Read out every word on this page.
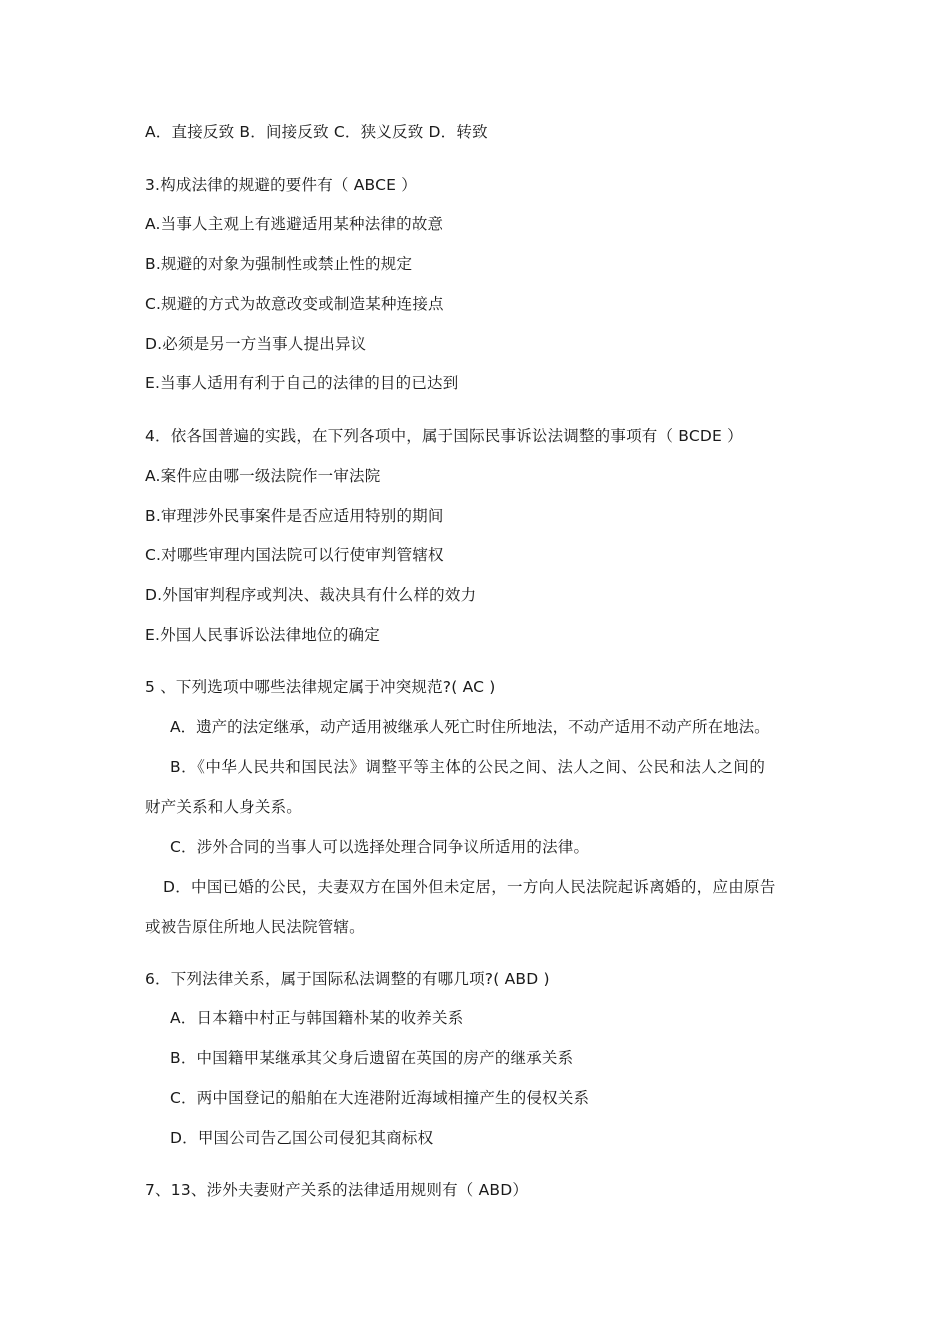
A．直接反致 B．间接反致 C．狭义反致 D．转致
3.构成法律的规避的要件有（ ABCE ）
A.当事人主观上有逃避适用某种法律的故意
B.规避的对象为强制性或禁止性的规定
C.规避的方式为故意改变或制造某种连接点
D.必须是另一方当事人提出异议
E.当事人适用有利于自己的法律的目的已达到
4．依各国普遍的实践，在下列各项中，属于国际民事诉讼法调整的事项有（ BCDE ）
A.案件应由哪一级法院作一审法院
B.审理涉外民事案件是否应适用特别的期间
C.对哪些审理内国法院可以行使审判管辖权
D.外国审判程序或判决、裁决具有什么样的效力
E.外国人民事诉讼法律地位的确定
5 、下列选项中哪些法律规定属于冲突规范?( AC )
A．遗产的法定继承，动产适用被继承人死亡时住所地法，不动产适用不动产所在地法。
B．《中华人民共和国民法》调整平等主体的公民之间、法人之间、公民和法人之间的
财产关系和人身关系。
C．涉外合同的当事人可以选择处理合同争议所适用的法律。
D．中国已婚的公民，夫妻双方在国外但未定居，一方向人民法院起诉离婚的，应由原告
或被告原住所地人民法院管辖。
6．下列法律关系，属于国际私法调整的有哪几项?( ABD )
A．日本籍中村正与韩国籍朴某的收养关系
B．中国籍甲某继承其父身后遗留在英国的房产的继承关系
C．两中国登记的船舶在大连港附近海域相撞产生的侵权关系
D．甲国公司告乙国公司侵犯其商标权
7、13、涉外夫妻财产关系的法律适用规则有（ ABD）
